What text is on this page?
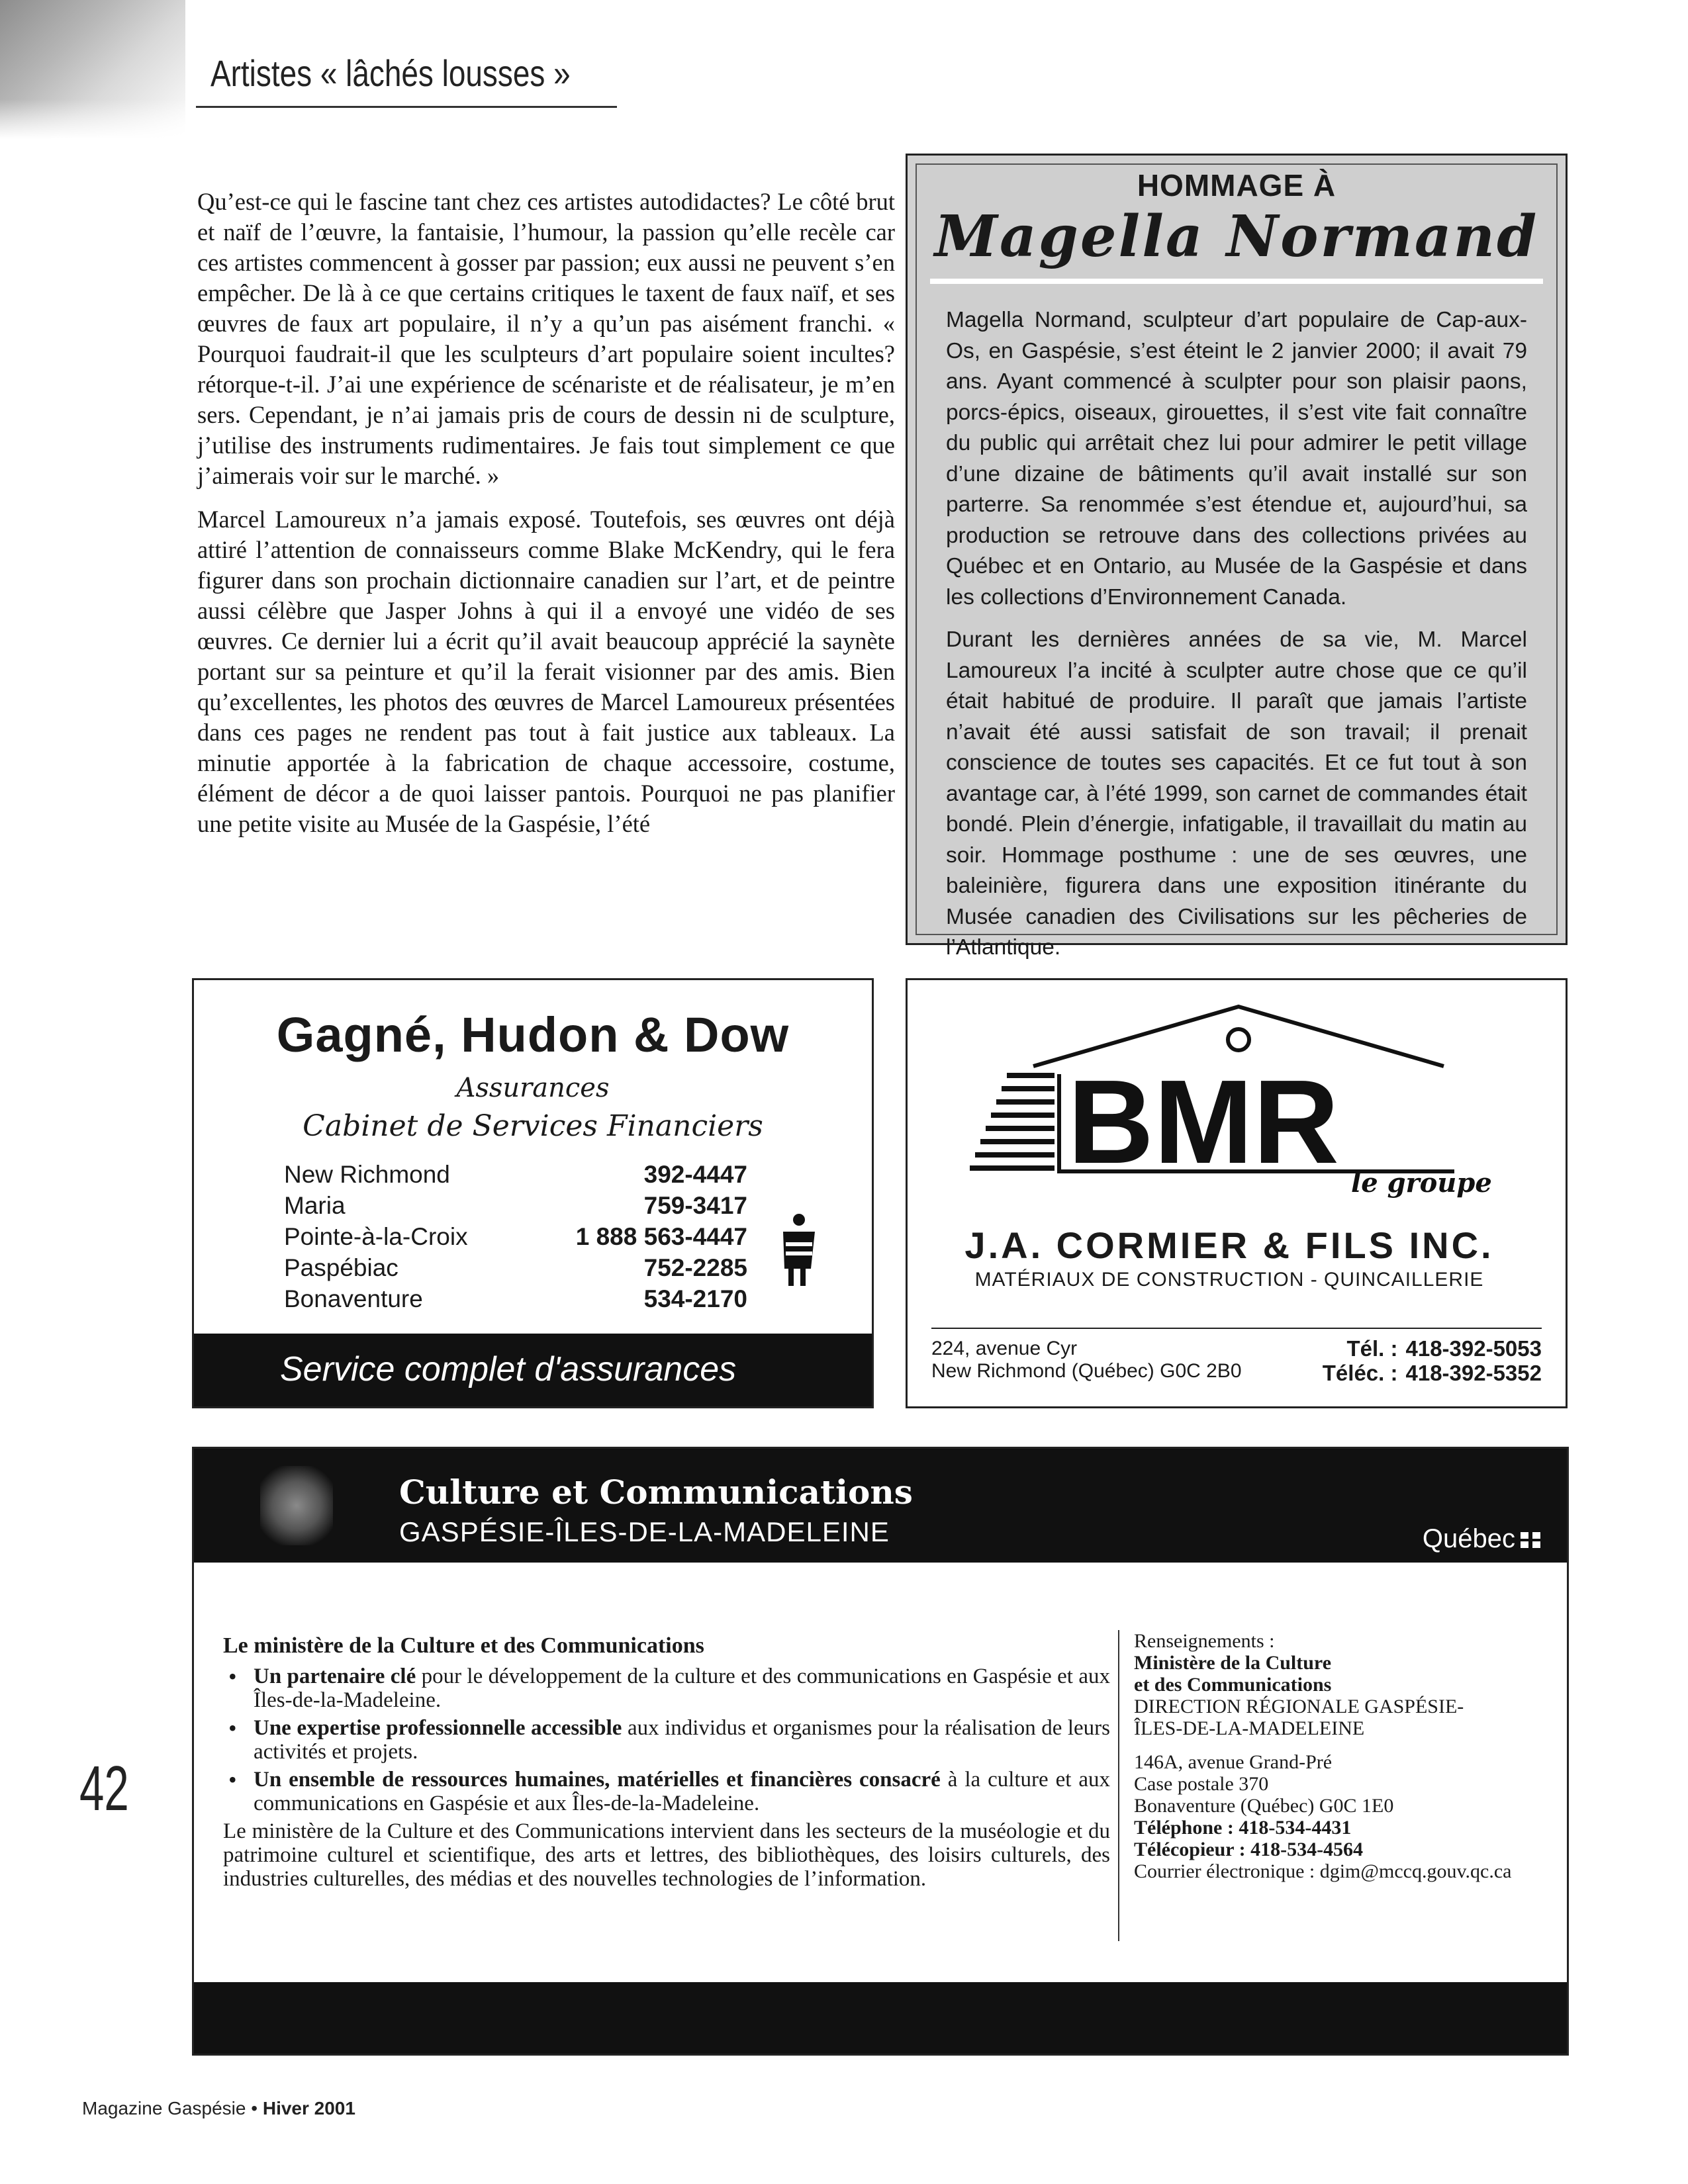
Artistes « lâchés lousses »

Qu’est-ce qui le fascine tant chez ces artistes autodidactes? Le côté brut et naïf de l’œuvre, la fantaisie, l’humour, la passion qu’elle recèle car ces artistes commencent à gosser par passion; eux aussi ne peuvent s’en empêcher. De là à ce que certains critiques le taxent de faux naïf, et ses œuvres de faux art populaire, il n’y a qu’un pas aisément franchi. « Pourquoi faudrait-il que les sculpteurs d’art populaire soient incultes? rétorque-t-il. J’ai une expérience de scénariste et de réalisateur, je m’en sers. Cependant, je n’ai jamais pris de cours de dessin ni de sculpture, j’utilise des instruments rudimentaires. Je fais tout simplement ce que j’aimerais voir sur le marché. »

Marcel Lamoureux n’a jamais exposé. Toutefois, ses œuvres ont déjà attiré l’attention de connaisseurs comme Blake McKendry, qui le fera figurer dans son prochain dictionnaire canadien sur l’art, et de peintre aussi célèbre que Jasper Johns à qui il a envoyé une vidéo de ses œuvres. Ce dernier lui a écrit qu’il avait beaucoup apprécié la saynète portant sur sa peinture et qu’il la ferait visionner par des amis. Bien qu’excellentes, les photos des œuvres de Marcel Lamoureux présentées dans ces pages ne rendent pas tout à fait justice aux tableaux. La minutie apportée à la fabrication de chaque accessoire, costume, élément de décor a de quoi laisser pantois. Pourquoi ne pas planifier une petite visite au Musée de la Gaspésie, l’été

HOMMAGE À
Magella Normand

Magella Normand, sculpteur d’art populaire de Cap-aux-Os, en Gaspésie, s’est éteint le 2 janvier 2000; il avait 79 ans. Ayant commencé à sculpter pour son plaisir paons, porcs-épics, oiseaux, girouettes, il s’est vite fait connaître du public qui arrêtait chez lui pour admirer le petit village d’une dizaine de bâtiments qu’il avait installé sur son parterre. Sa renommée s’est étendue et, aujourd’hui, sa production se retrouve dans des collections privées au Québec et en Ontario, au Musée de la Gaspésie et dans les collections d’Environnement Canada.

Durant les dernières années de sa vie, M. Marcel Lamoureux l’a incité à sculpter autre chose que ce qu’il était habitué de produire. Il paraît que jamais l’artiste n’avait été aussi satisfait de son travail; il prenait conscience de toutes ses capacités. Et ce fut tout à son avantage car, à l’été 1999, son carnet de commandes était bondé. Plein d’énergie, infatigable, il travaillait du matin au soir. Hommage posthume : une de ses œuvres, une baleinière, figurera dans une exposition itinérante du Musée canadien des Civilisations sur les pêcheries de l’Atlantique.

Gagné, Hudon & Dow
Assurances
Cabinet de Services Financiers
New Richmond	392-4447
Maria	759-3417
Pointe-à-la-Croix	1 888 563-4447
Paspébiac	752-2285
Bonaventure	534-2170
Service complet d'assurances
BMR le groupe
J.A. CORMIER & FILS INC.
MATÉRIAUX DE CONSTRUCTION - QUINCAILLERIE
224, avenue Cyr
New Richmond (Québec) G0C 2B0
Tél. : 418-392-5053
Téléc. : 418-392-5352
Culture et Communications
GASPÉSIE-ÎLES-DE-LA-MADELEINE	Québec
Le ministère de la Culture et des Communications
• Un partenaire clé pour le développement de la culture et des communications en Gaspésie et aux Îles-de-la-Madeleine.
• Une expertise professionnelle accessible aux individus et organismes pour la réalisation de leurs activités et projets.
• Un ensemble de ressources humaines, matérielles et financières consacré à la culture et aux communications en Gaspésie et aux Îles-de-la-Madeleine.
Le ministère de la Culture et des Communications intervient dans les secteurs de la muséologie et du patrimoine culturel et scientifique, des arts et lettres, des bibliothèques, des loisirs culturels, des industries culturelles, des médias et des nouvelles technologies de l’information.
Renseignements :
Ministère de la Culture
et des Communications
DIRECTION RÉGIONALE GASPÉSIE-
ÎLES-DE-LA-MADELEINE
146A, avenue Grand-Pré
Case postale 370
Bonaventure (Québec) G0C 1E0
Téléphone : 418-534-4431
Télécopieur : 418-534-4564
Courrier électronique : dgim@mccq.gouv.qc.ca
42
Magazine Gaspésie • Hiver 2001
